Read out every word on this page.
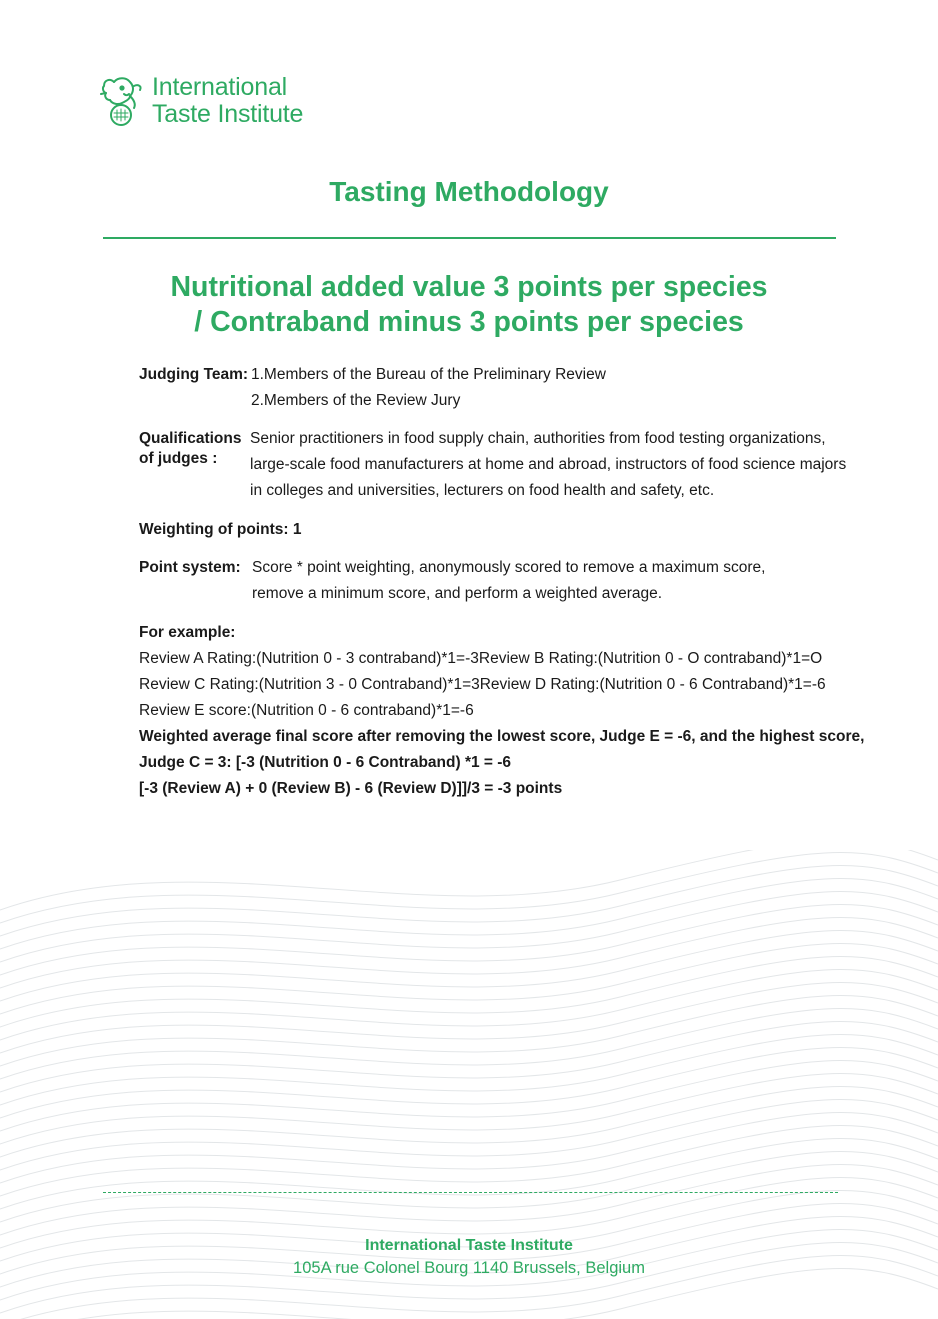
International
Taste Institute
Tasting Methodology
Nutritional added value 3 points per species
/ Contraband minus 3 points per species
Judging Team: 1.Members of the Bureau of the Preliminary Review
2.Members of the Review Jury
Qualifications
of judges :
Senior practitioners in food supply chain, authorities from food testing organizations,
large-scale food manufacturers at home and abroad, instructors of food science majors
in colleges and universities, lecturers on food health and safety, etc.
Weighting of points: 1
Point system: Score * point weighting, anonymously scored to remove a maximum score,
remove a minimum score, and perform a weighted average.
For example:
Review A Rating:(Nutrition 0 - 3 contraband)*1=-3Review B Rating:(Nutrition 0 - O contraband)*1=O
Review C Rating:(Nutrition 3 - 0 Contraband)*1=3Review D Rating:(Nutrition 0 - 6 Contraband)*1=-6
Review E score:(Nutrition 0 - 6 contraband)*1=-6
Weighted average final score after removing the lowest score, Judge E = -6, and the highest score,
Judge C = 3: [-3 (Nutrition 0 - 6 Contraband) *1 = -6
[-3 (Review A) + 0 (Review B) - 6 (Review D)]]/3 = -3 points
International Taste Institute
105A rue Colonel Bourg 1140 Brussels, Belgium
